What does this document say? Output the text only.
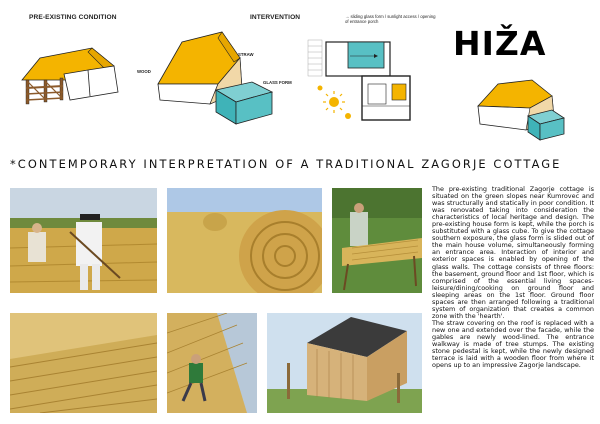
PRE-EXISTING CONDITION	INTERVENTION
STRAW
WOOD
GLASS FORM
→ sliding glass form / sunlight access / opening of entrance porch
HIŽA
*CONTEMPORARY INTERPRETATION OF A TRADITIONAL ZAGORJE COTTAGE

The pre-existing traditional Zagorje cottage is situated on the green slopes near Kumrovec and was structurally and statically in poor condition. It was renovated taking into consideration the characteristics of local heritage and design. The pre-existing house form is kept, while the porch is substituted with a glass cube. To give the cottage southern exposure, the glass form is slided out of the main house volume, simultaneously forming an entrance area. Interaction of interior and exterior spaces is enabled by opening of the glass walls. The cottage consists of three floors: the basement, ground floor and 1st floor, which is comprised of the essential living spaces- leisure/dining/cooking on ground floor and sleeping areas on the 1st floor. Ground floor spaces are then arranged following a traditional system of organization that creates a common zone with the 'hearth'.

The straw covering on the roof is replaced with a new one and extended over the facade, while the gables are newly wood-lined. The entrance walkway is made of tree stumps. The existing stone pedestal is kept, while the newly designed terrace is laid with a wooden floor from where it opens up to an impressive Zagorje landscape.
